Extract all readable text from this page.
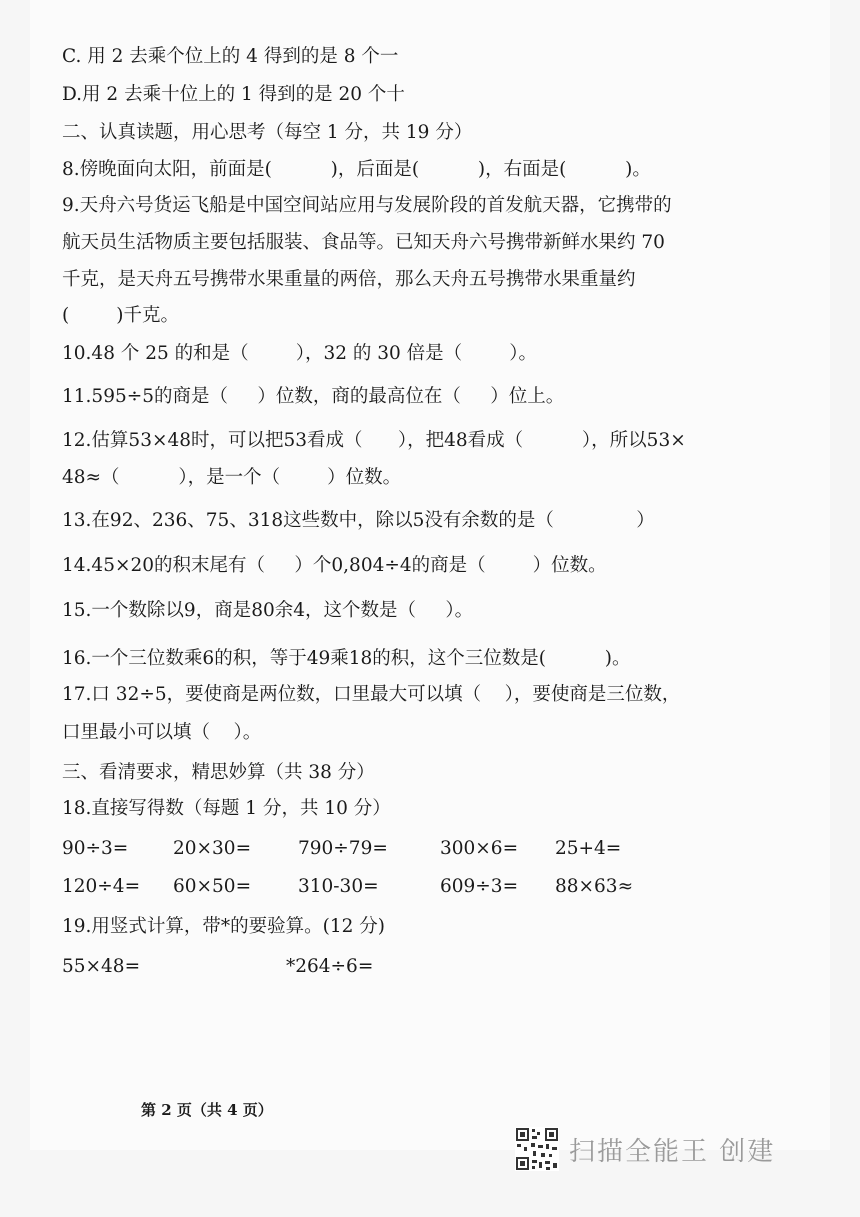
C. 用 2 去乘个位上的 4 得到的是 8 个一
D.用 2 去乘十位上的 1 得到的是 20 个十
二、认真读题，用心思考（每空 1 分，共 19 分）
8.傍晚面向太阳，前面是(          )，后面是(          )，右面是(          )。
9.天舟六号货运飞船是中国空间站应用与发展阶段的首发航天器，它携带的
航天员生活物质主要包括服装、食品等。已知天舟六号携带新鲜水果约 70
千克，是天舟五号携带水果重量的两倍，那么天舟五号携带水果重量约
(        )千克。
10.48 个 25 的和是（        ），32 的 30 倍是（        ）。
11.595÷5的商是（     ）位数，商的最高位在（     ）位上。
12.估算53×48时，可以把53看成（      ），把48看成（          ），所以53×
48≈（          ），是一个（        ）位数。
13.在92、236、75、318这些数中，除以5没有余数的是（              ）
14.45×20的积末尾有（     ）个0,804÷4的商是（        ）位数。
15.一个数除以9，商是80余4，这个数是（     ）。
16.一个三位数乘6的积，等于49乘18的积，这个三位数是(          )。
17.口 32÷5，要使商是两位数，口里最大可以填（    ），要使商是三位数，
口里最小可以填（    ）。
三、看清要求，精思妙算（共 38 分）
18.直接写得数（每题 1 分，共 10 分）
90÷3= 20×30=	790÷79=	300×6= 25+4=
120÷4= 60×50=	310-30=	609÷3= 88×63≈
19.用竖式计算，带*的要验算。(12 分)
55×48=	*264÷6=
第 2 页（共 4 页）
扫描全能王 创建
